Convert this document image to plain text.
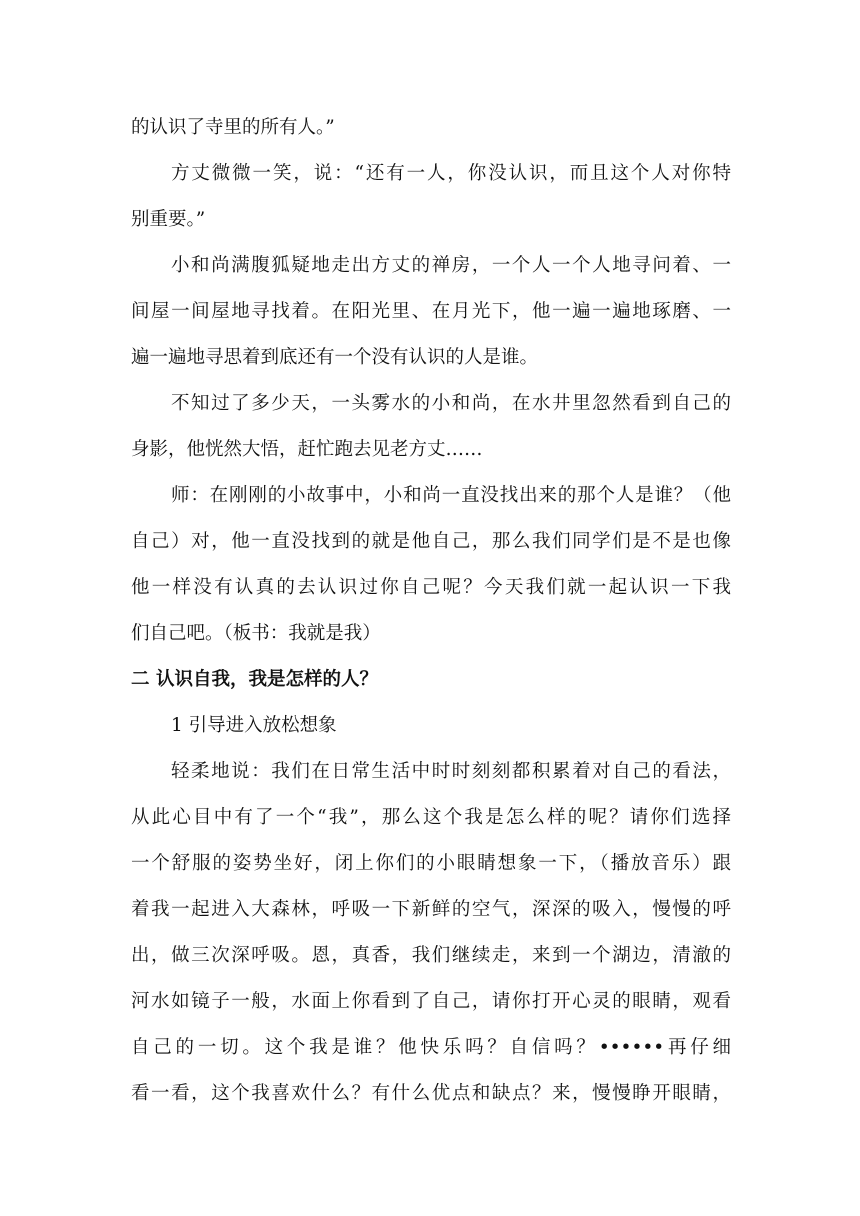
的认识了寺里的所有人。”
方丈微微一笑，说：“还有一人，你没认识，而且这个人对你特
别重要。”
小和尚满腹狐疑地走出方丈的禅房，一个人一个人地寻问着、一
间屋一间屋地寻找着。在阳光里、在月光下，他一遍一遍地琢磨、一
遍一遍地寻思着到底还有一个没有认识的人是谁。
不知过了多少天，一头雾水的小和尚，在水井里忽然看到自己的
身影，他恍然大悟，赶忙跑去见老方丈……
师：在刚刚的小故事中，小和尚一直没找出来的那个人是谁？（他
自己）对，他一直没找到的就是他自己，那么我们同学们是不是也像
他一样没有认真的去认识过你自己呢？今天我们就一起认识一下我
们自己吧。（板书：我就是我）
二 认识自我，我是怎样的人？
1 引导进入放松想象
轻柔地说：我们在日常生活中时时刻刻都积累着对自己的看法，
从此心目中有了一个“我”，那么这个我是怎么样的呢？请你们选择
一个舒服的姿势坐好，闭上你们的小眼睛想象一下，（播放音乐）跟
着我一起进入大森林，呼吸一下新鲜的空气，深深的吸入，慢慢的呼
出，做三次深呼吸。恩，真香，我们继续走，来到一个湖边，清澈的
河水如镜子一般，水面上你看到了自己，请你打开心灵的眼睛，观看
自己的一切。这个我是谁？他快乐吗？自信吗？••••••再仔细
看一看，这个我喜欢什么？有什么优点和缺点？来，慢慢睁开眼睛，
